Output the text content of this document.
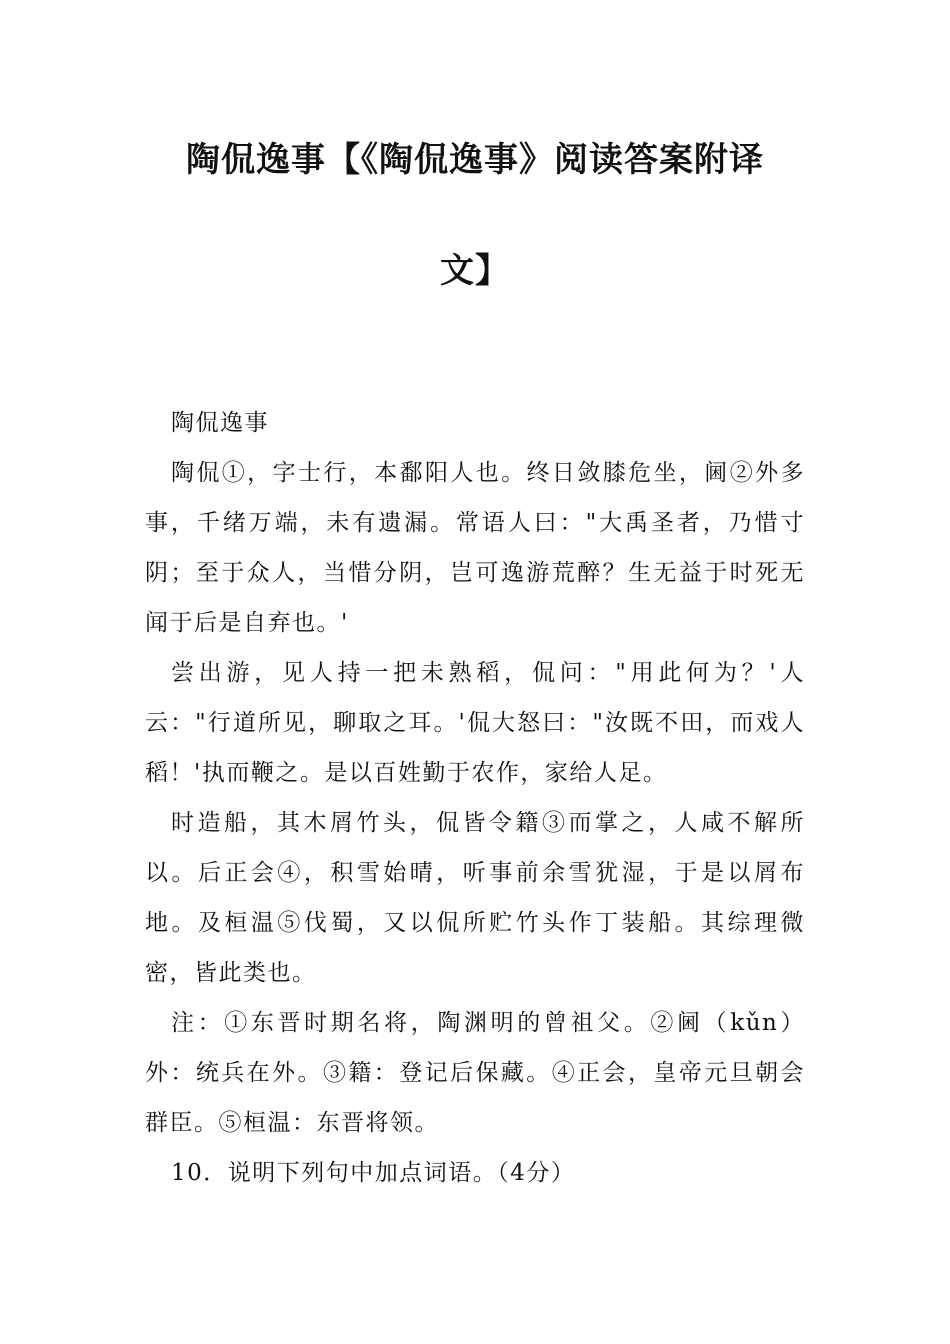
陶侃逸事【《陶侃逸事》阅读答案附译
文】

陶侃逸事

陶侃①，字士行，本鄱阳人也。终日敛膝危坐，阃②外多事，千绪万端，未有遗漏。常语人曰："大禹圣者，乃惜寸阴；至于众人，当惜分阴，岂可逸游荒醉？生无益于时死无闻于后是自弃也。'

尝出游，见人持一把未熟稻，侃问："用此何为？'人云："行道所见，聊取之耳。'侃大怒曰："汝既不田，而戏人稻！'执而鞭之。是以百姓勤于农作，家给人足。

时造船，其木屑竹头，侃皆令籍③而掌之，人咸不解所以。后正会④，积雪始晴，听事前余雪犹湿，于是以屑布地。及桓温⑤伐蜀，又以侃所贮竹头作丁装船。其综理微密，皆此类也。

注：①东晋时期名将，陶渊明的曾祖父。②阃（kǔn）外：统兵在外。③籍：登记后保藏。④正会，皇帝元旦朝会群臣。⑤桓温：东晋将领。

10．说明下列句中加点词语。（4分）
